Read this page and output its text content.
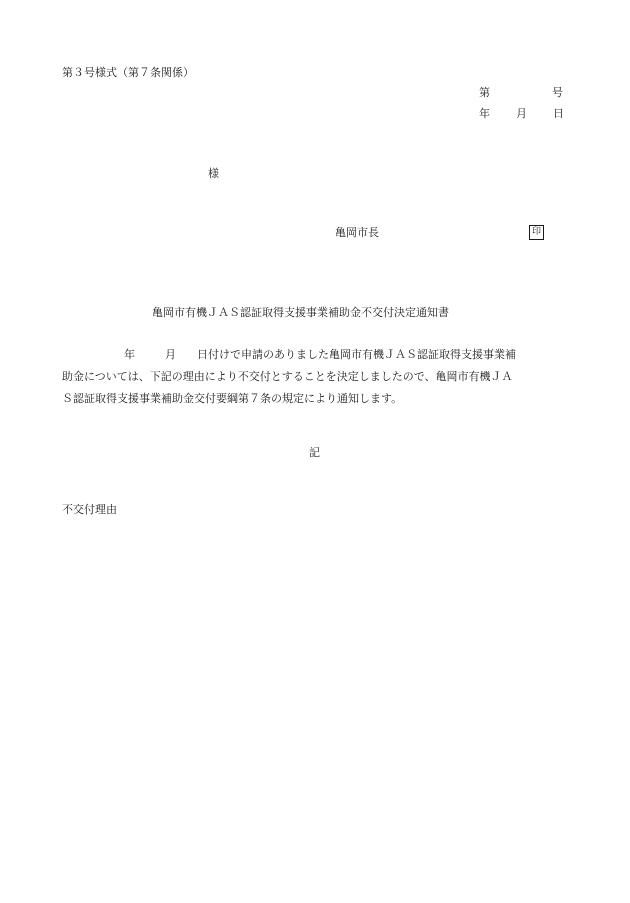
第３号様式（第７条関係）
第	号
年 月 日
様
亀岡市長	印
亀岡市有機ＪＡＳ認証取得支援事業補助金不交付決定通知書
年	月 日付けで申請のありました亀岡市有機ＪＡＳ認証取得支援事業補
助金については、下記の理由により不交付とすることを決定しましたので、亀岡市有機ＪＡ
Ｓ認証取得支援事業補助金交付要綱第７条の規定により通知します。
記
不交付理由
